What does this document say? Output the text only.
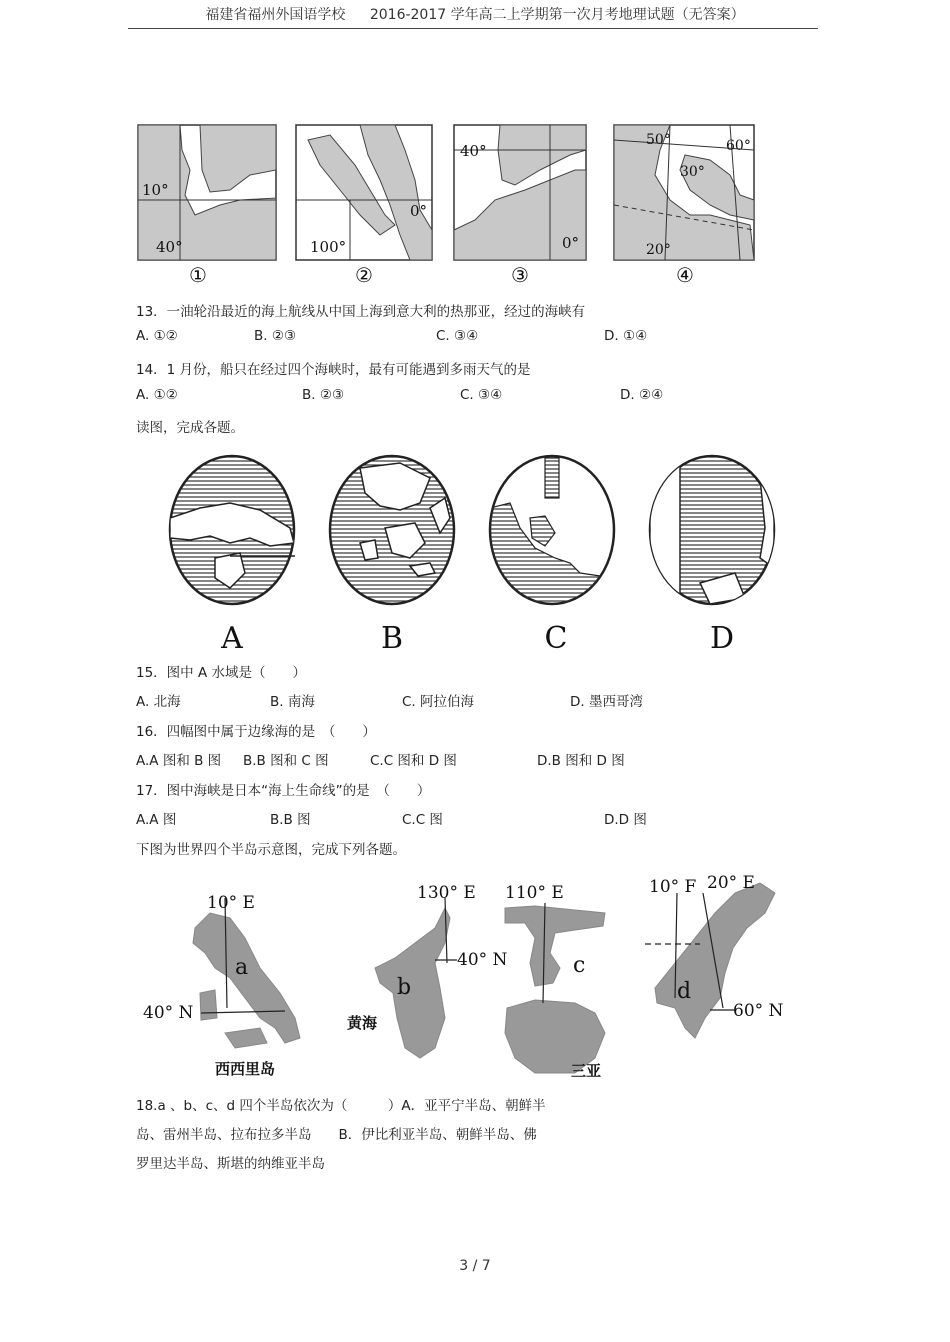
福建省福州外国语学校 2016-2017 学年高二上学期第一次月考地理试题（无答案）
10°
40°
①
0°
100°
②
40°
0°
③
50°	60°
30°
20°
④
13．一油轮沿最近的海上航线从中国上海到意大利的热那亚，经过的海峡有
A. ①②	B. ②③	C. ③④	D. ①④
14．1 月份，船只在经过四个海峡时，最有可能遇到多雨天气的是
A. ①②	B. ②③	C. ③④	D. ②④
读图，完成各题。
A	B	C	D
15．图中 A 水域是（　　）
A. 北海	B. 南海	C. 阿拉伯海	D. 墨西哥湾
16．四幅图中属于边缘海的是　（　　）
A.A 图和 B 图 B.B 图和 C 图	C.C 图和 D 图	D.B 图和 D 图
17．图中海峡是日本“海上生命线”的是　（　　）
A.A 图	B.B 图	C.C 图	D.D 图
下图为世界四个半岛示意图，完成下列各题。
10° E
40° N
a
西西里岛
130° E
40° N
b
黄海
110° E
c
三亚
10° F 20° E
60° N
d
18.a 、b、c、d 四个半岛依次为（　　　）A．亚平宁半岛、朝鲜半
岛、雷州半岛、拉布拉多半岛　　B．伊比利亚半岛、朝鲜半岛、佛
罗里达半岛、斯堪的纳维亚半岛
3 / 7
